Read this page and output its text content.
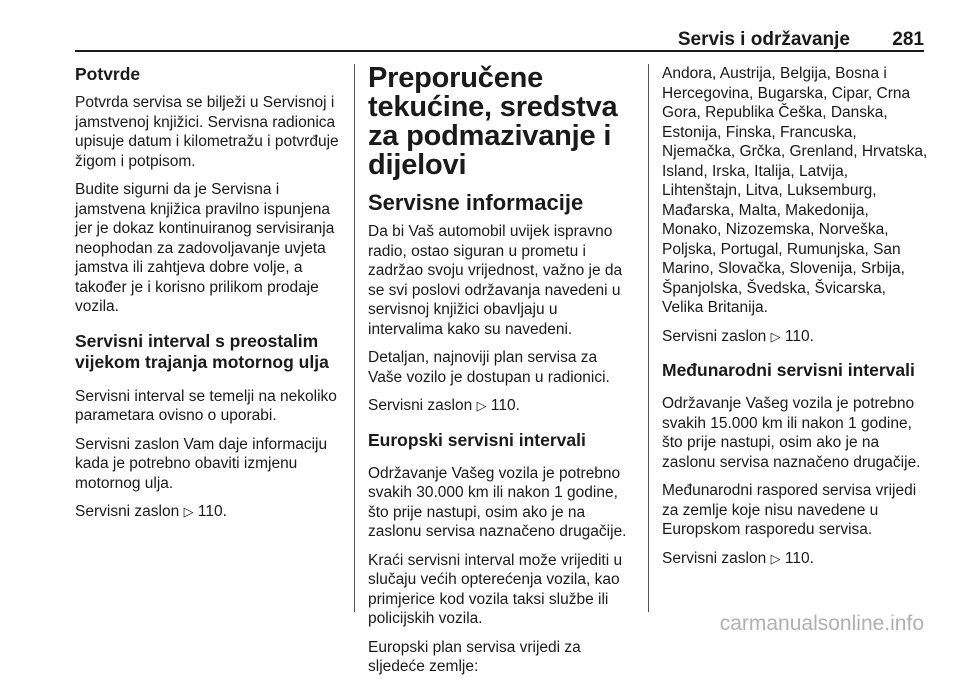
Servis i održavanje 281
Potvrde

Potvrda servisa se bilježi u Servisnoj i jamstvenoj knjižici. Servisna radionica upisuje datum i kilometražu i potvrđuje žigom i potpisom.

Budite sigurni da je Servisna i jamstvena knjižica pravilno ispunjena jer je dokaz kontinuiranog servisiranja neophodan za zadovoljavanje uvjeta jamstva ili zahtjeva dobre volje, a također je i korisno prilikom prodaje vozila.

Servisni interval s preostalim vijekom trajanja motornog ulja

Servisni interval se temelji na nekoliko parametara ovisno o uporabi.

Servisni zaslon Vam daje informaciju kada je potrebno obaviti izmjenu motornog ulja.

Servisni zaslon ▷ 110.

Preporučene tekućine, sredstva za podmazivanje i dijelovi
Servisne informacije

Da bi Vaš automobil uvijek ispravno radio, ostao siguran u prometu i zadržao svoju vrijednost, važno je da se svi poslovi održavanja navedeni u servisnoj knjižici obavljaju u intervalima kako su navedeni.

Detaljan, najnoviji plan servisa za Vaše vozilo je dostupan u radionici.

Servisni zaslon ▷ 110.

Europski servisni intervali

Održavanje Vašeg vozila je potrebno svakih 30.000 km ili nakon 1 godine, što prije nastupi, osim ako je na zaslonu servisa naznačeno drugačije.

Kraći servisni interval može vrijediti u slučaju većih opterećenja vozila, kao primjerice kod vozila taksi službe ili policijskih vozila.

Europski plan servisa vrijedi za sljedeće zemlje:

Andora, Austrija, Belgija, Bosna i Hercegovina, Bugarska, Cipar, Crna Gora, Republika Češka, Danska, Estonija, Finska, Francuska, Njemačka, Grčka, Grenland, Hrvatska, Island, Irska, Italija, Latvija, Lihtenštajn, Litva, Luksemburg, Mađarska, Malta, Makedonija, Monako, Nizozemska, Norveška, Poljska, Portugal, Rumunjska, San Marino, Slovačka, Slovenija, Srbija, Španjolska, Švedska, Švicarska, Velika Britanija.

Servisni zaslon ▷ 110.

Međunarodni servisni intervali

Održavanje Vašeg vozila je potrebno svakih 15.000 km ili nakon 1 godine, što prije nastupi, osim ako je na zaslonu servisa naznačeno drugačije.

Međunarodni raspored servisa vrijedi za zemlje koje nisu navedene u Europskom rasporedu servisa.

Servisni zaslon ▷ 110.

carmanualsonline.info
